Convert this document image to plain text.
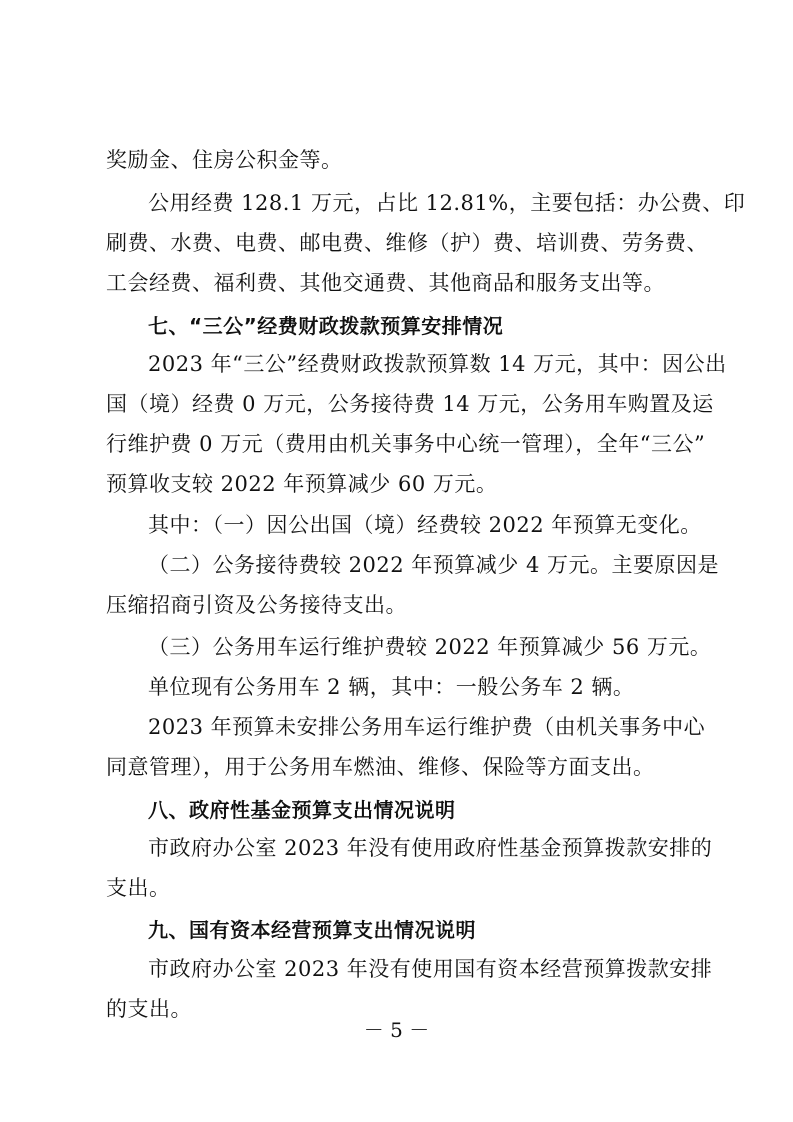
奖励金、住房公积金等。
公用经费 128.1 万元，占比 12.81%，主要包括：办公费、印
刷费、水费、电费、邮电费、维修（护）费、培训费、劳务费、
工会经费、福利费、其他交通费、其他商品和服务支出等。
七、“三公”经费财政拨款预算安排情况
2023 年“三公”经费财政拨款预算数 14 万元，其中：因公出
国（境）经费 0 万元，公务接待费 14 万元，公务用车购置及运
行维护费 0 万元（费用由机关事务中心统一管理），全年“三公”
预算收支较 2022 年预算减少 60 万元。
其中：（一）因公出国（境）经费较 2022 年预算无变化。
（二）公务接待费较 2022 年预算减少 4 万元。主要原因是
压缩招商引资及公务接待支出。
（三）公务用车运行维护费较 2022 年预算减少 56 万元。
单位现有公务用车 2 辆，其中：一般公务车 2 辆。
2023 年预算未安排公务用车运行维护费（由机关事务中心
同意管理），用于公务用车燃油、维修、保险等方面支出。
八、政府性基金预算支出情况说明
市政府办公室 2023 年没有使用政府性基金预算拨款安排的
支出。
九、国有资本经营预算支出情况说明
市政府办公室 2023 年没有使用国有资本经营预算拨款安排
的支出。
－ 5 －
